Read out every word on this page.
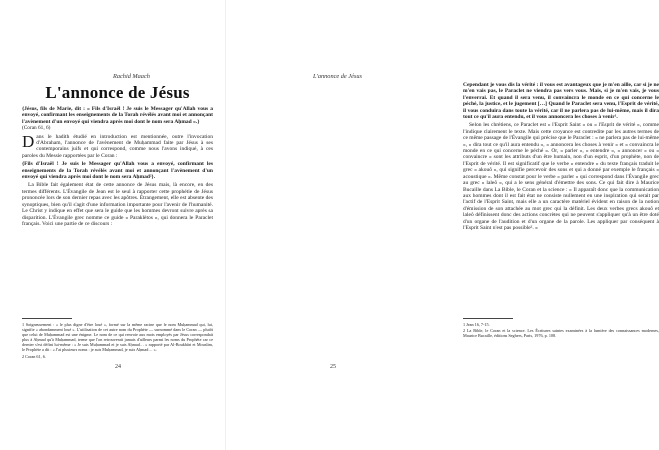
Rachid Maach
L'annonce de Jésus

{Jésus, fils de Marie, dit : « Fils d'Israël ! Je suis le Messager qu'Allah vous a envoyé, confirmant les enseignements de la Torah révélés avant moi et annonçant l'avènement d'un envoyé qui viendra après moi dont le nom sera Aḥmad ».}

(Coran 61, 6)

Dans le hadith étudié en introduction est mentionnée, outre l'invocation d'Abraham, l'annonce de l'avènement de Muḥammad faite par Jésus à ses contemporains juifs et qui correspond, comme nous l'avons indiqué, à ces paroles du Messie rapportées par le Coran :

{Fils d'Israël ! Je suis le Messager qu'Allah vous a envoyé, confirmant les enseignements de la Torah révélés avant moi et annonçant l'avènement d'un envoyé qui viendra après moi dont le nom sera Aḥmad²}.

La Bible fait également état de cette annonce de Jésus mais, là encore, en des termes différents. L'Évangile de Jean est le seul à rapporter cette prophétie de Jésus prononcée lors de son dernier repas avec les apôtres. Étrangement, elle est absente des synoptiques, bien qu'il s'agit d'une information importante pour l'avenir de l'humanité. Le Christ y indique en effet que sera le guide que les hommes devront suivre après sa disparition. L'Évangile grec nomme ce guide « Paraklètos », qui donnera le Paraclet français. Voici une partie de ce discours :

1 Soigneusement : « le plus digne d'être loué », formé sur la même racine que le nom Muḥammad qui, lui, signifie « abondamment loué ». L'utilisation de cet autre nom du Prophète — surnommé dans le Coran — plutôt que celui de Muḥammad est une énigme. Le nom de ce qui renvoie aux mots employés par Jésus correspondait plus à Aḥmad qu'à Muḥammad, terme que l'on retrouverait jamais d'ailleurs parmi les noms du Prophète car ce dernier s'est défini lui-même : « Je suis Muḥammad et je suis Aḥmad… » rapporté par Al-Boukhâri et Mouslim, le Prophète a dit : « J'ai plusieurs noms : je suis Muḥammad, je suis Aḥmad… ».

2 Coran 61, 6.

24
L'annonce de Jésus

Cependant je vous dis la vérité : il vous est avantageux que je m'en aille, car si je ne m'en vais pas, le Paraclet ne viendra pas vers vous. Mais, si je m'en vais, je vous l'enverrai. Et quand il sera venu, il convaincra le monde en ce qui concerne le péché, la justice, et le jugement […] Quand le Paraclet sera venu, l'Esprit de vérité, il vous conduira dans toute la vérité, car il ne parlera pas de lui-même, mais il dira tout ce qu'il aura entendu, et il vous annoncera les choses à venir¹.

Selon les chrétiens, ce Paraclet est « l'Esprit Saint » ou « l'Esprit de vérité », comme l'indique clairement le texte. Mais cette croyance est contredite par les autres termes de ce même passage de l'Évangile qui précise que le Paraclet : « ne parlera pas de lui-même », « dira tout ce qu'il aura entendu », « annoncera les choses à venir » et « convaincra le monde en ce qui concerne le péché ». Or, « parler », « entendre », « annoncer » ou « convaincre » sont les attributs d'un être humain, non d'un esprit, d'un prophète, non de l'Esprit de vérité. Il est significatif que le verbe « entendre » du texte français traduit le grec « akouô », qui signifie percevoir des sons et qui a donné par exemple le français « acoustique ». Même constat pour le verbe « parler » qui correspond dans l'Évangile grec au grec « laleô », qui a le sens général d'émettre des sons. Ce qui fait dire à Maurice Bucaille dans La Bible, le Coran et la science : « Il apparaît donc que la communication aux hommes dont il est fait état ne consiste nullement en une inspiration qui serait par l'actif de l'Esprit Saint, mais elle a un caractère matériel évident en raison de la notion d'émission de son attachée au mot grec qui la définit. Les deux verbes grecs akouô et laleô définissent donc des actions concrètes qui ne peuvent s'appliquer qu'à un être doté d'un organe de l'audition et d'un organe de la parole. Les appliquer par conséquent à l'Esprit Saint n'est pas possible². »

1 Jean 16, 7-15.

2 La Bible, le Coran et la science. Les Écritures saintes examinées à la lumière des connaissances modernes, Maurice Bucaille, éditions Seghers, Paris, 1976, p. 108.

25
